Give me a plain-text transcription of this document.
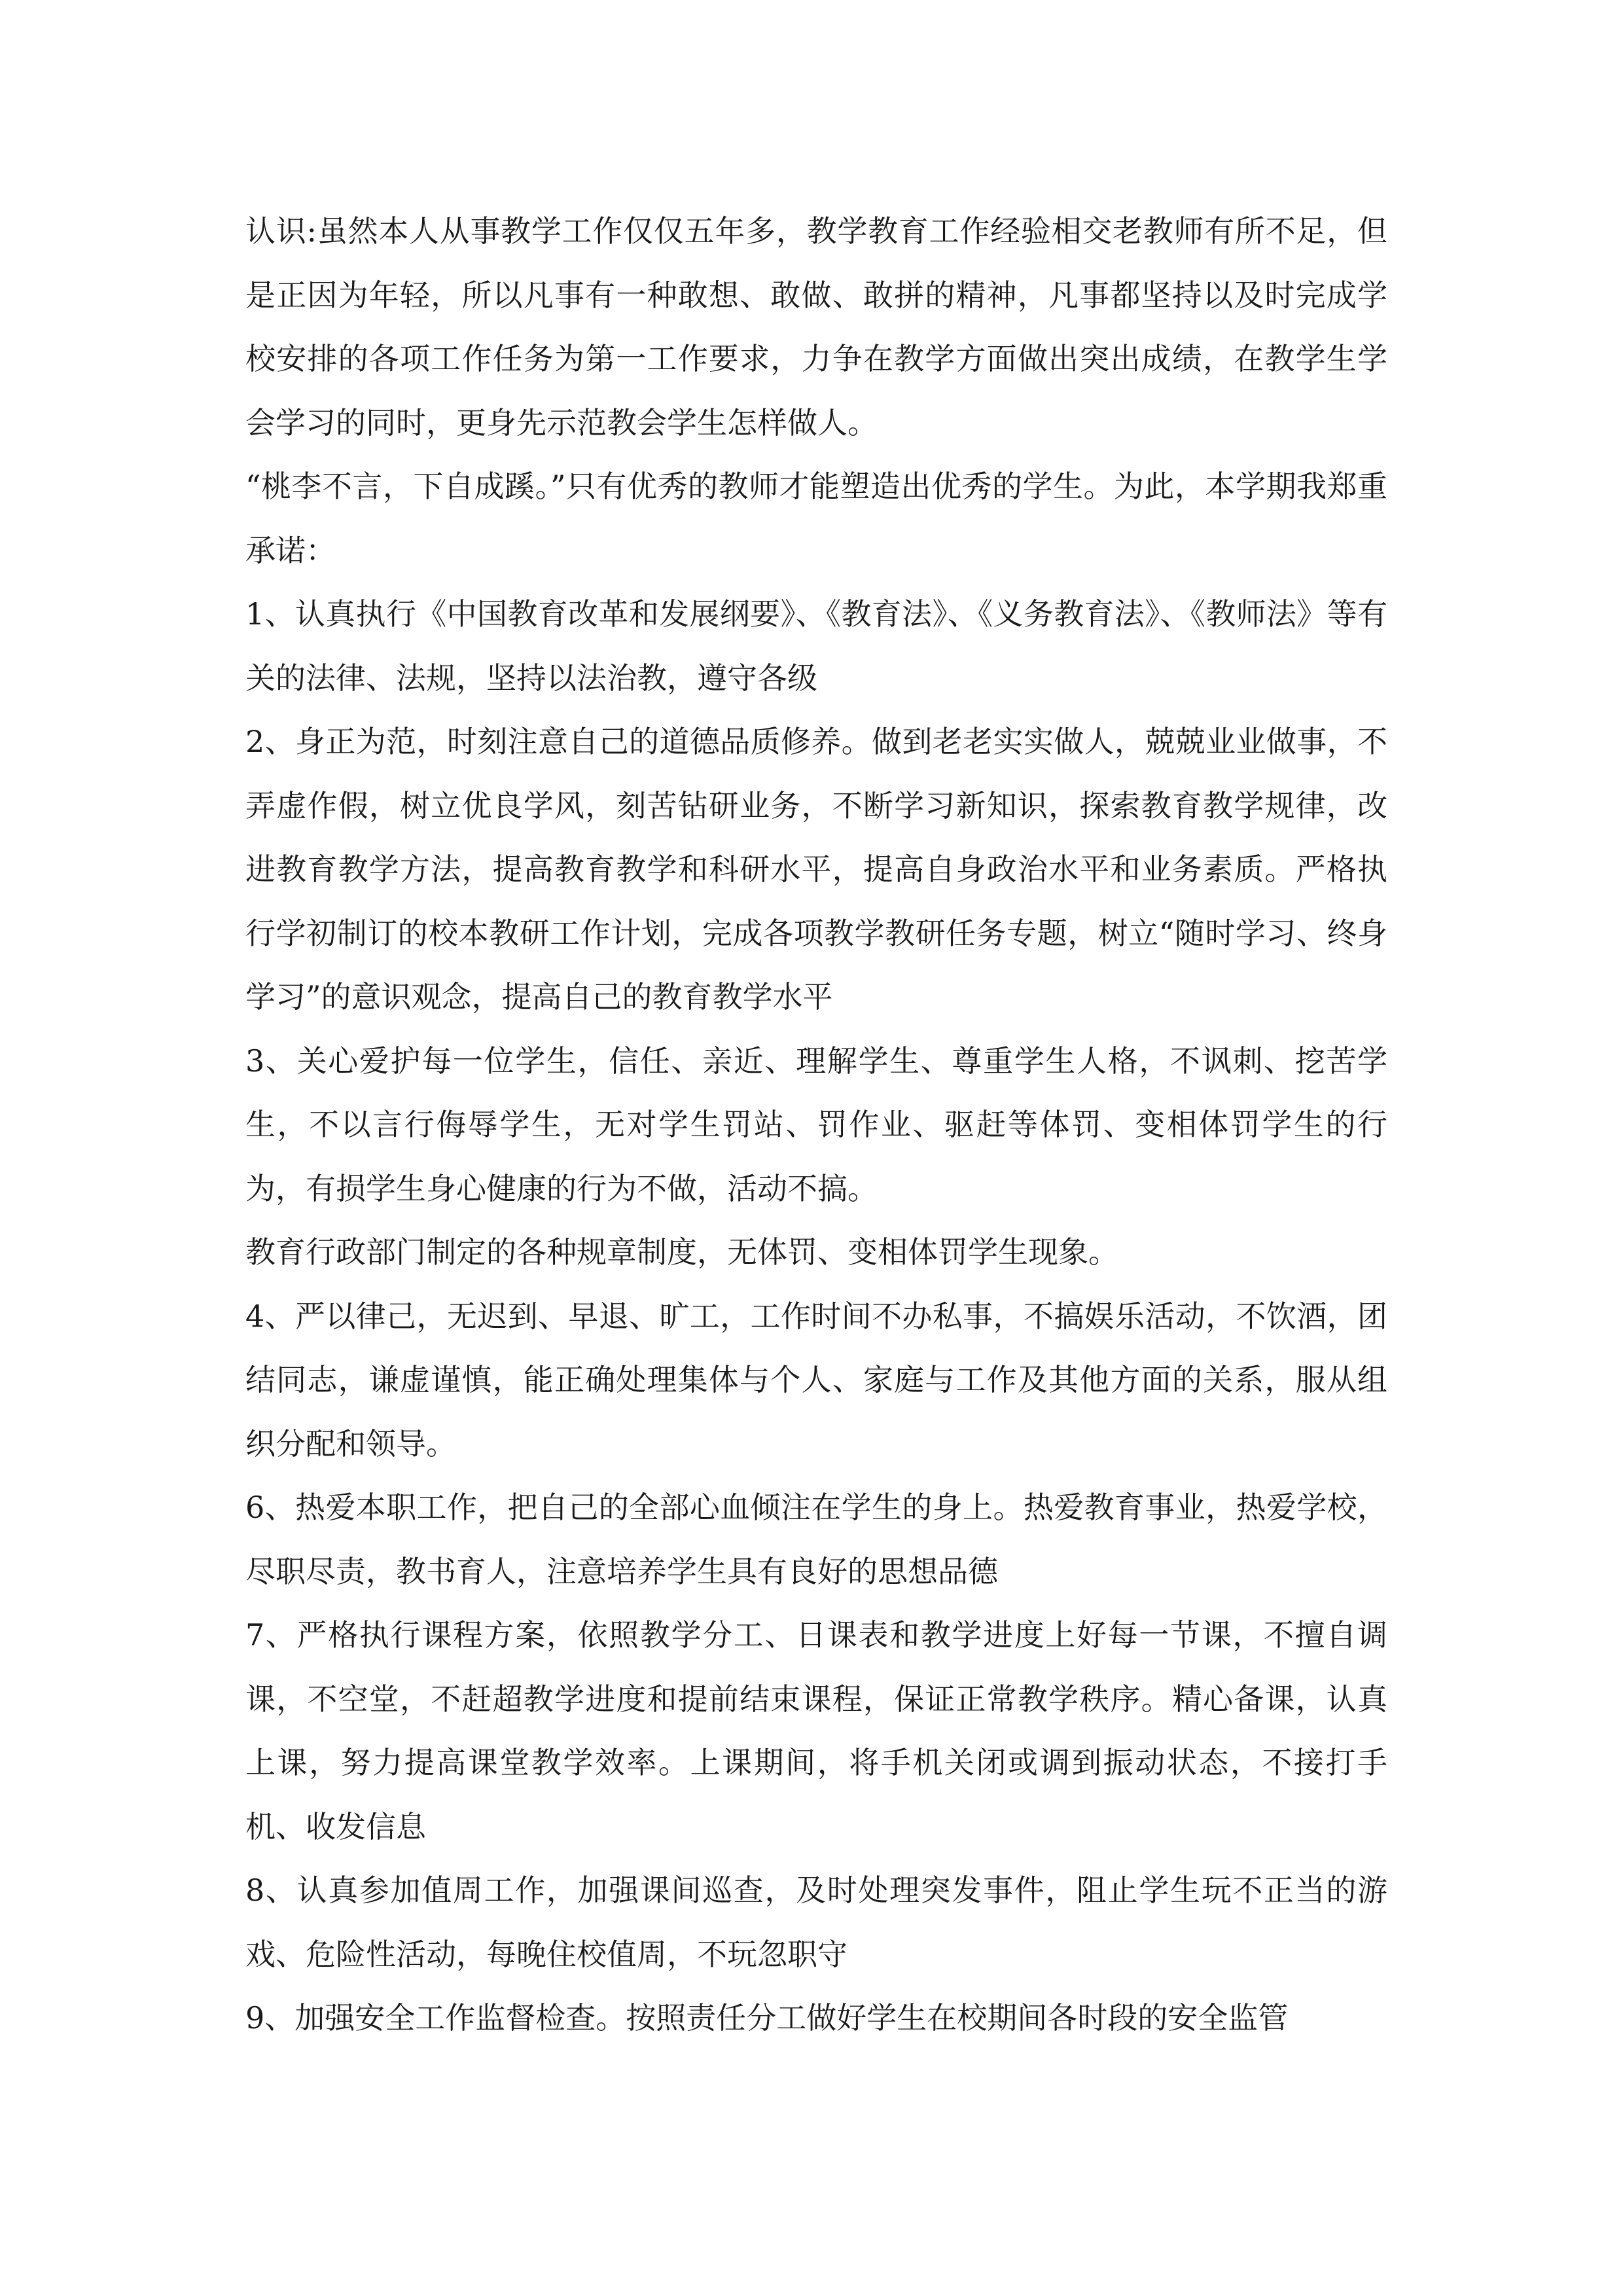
认识:虽然本人从事教学工作仅仅五年多，教学教育工作经验相交老教师有所不足，但是正因为年轻，所以凡事有一种敢想、敢做、敢拼的精神，凡事都坚持以及时完成学校安排的各项工作任务为第一工作要求，力争在教学方面做出突出成绩，在教学生学会学习的同时，更身先示范教会学生怎样做人。

“桃李不言，下自成蹊。”只有优秀的教师才能塑造出优秀的学生。为此，本学期我郑重承诺：

1、认真执行《中国教育改革和发展纲要》、《教育法》、《义务教育法》、《教师法》等有关的法律、法规，坚持以法治教，遵守各级

2、身正为范，时刻注意自己的道德品质修养。做到老老实实做人，兢兢业业做事，不弄虚作假，树立优良学风，刻苦钻研业务，不断学习新知识，探索教育教学规律，改进教育教学方法，提高教育教学和科研水平，提高自身政治水平和业务素质。严格执行学初制订的校本教研工作计划，完成各项教学教研任务专题，树立“随时学习、终身学习”的意识观念，提高自己的教育教学水平

3、关心爱护每一位学生，信任、亲近、理解学生、尊重学生人格，不讽刺、挖苦学生，不以言行侮辱学生，无对学生罚站、罚作业、驱赶等体罚、变相体罚学生的行为，有损学生身心健康的行为不做，活动不搞。

教育行政部门制定的各种规章制度，无体罚、变相体罚学生现象。

4、严以律己，无迟到、早退、旷工，工作时间不办私事，不搞娱乐活动，不饮酒，团结同志，谦虚谨慎，能正确处理集体与个人、家庭与工作及其他方面的关系，服从组织分配和领导。

6、热爱本职工作，把自己的全部心血倾注在学生的身上。热爱教育事业，热爱学校，尽职尽责，教书育人，注意培养学生具有良好的思想品德

7、严格执行课程方案，依照教学分工、日课表和教学进度上好每一节课，不擅自调课，不空堂，不赶超教学进度和提前结束课程，保证正常教学秩序。精心备课，认真上课，努力提高课堂教学效率。上课期间，将手机关闭或调到振动状态，不接打手机、收发信息

8、认真参加值周工作，加强课间巡查，及时处理突发事件，阻止学生玩不正当的游戏、危险性活动，每晚住校值周，不玩忽职守

9、加强安全工作监督检查。按照责任分工做好学生在校期间各时段的安全监管
